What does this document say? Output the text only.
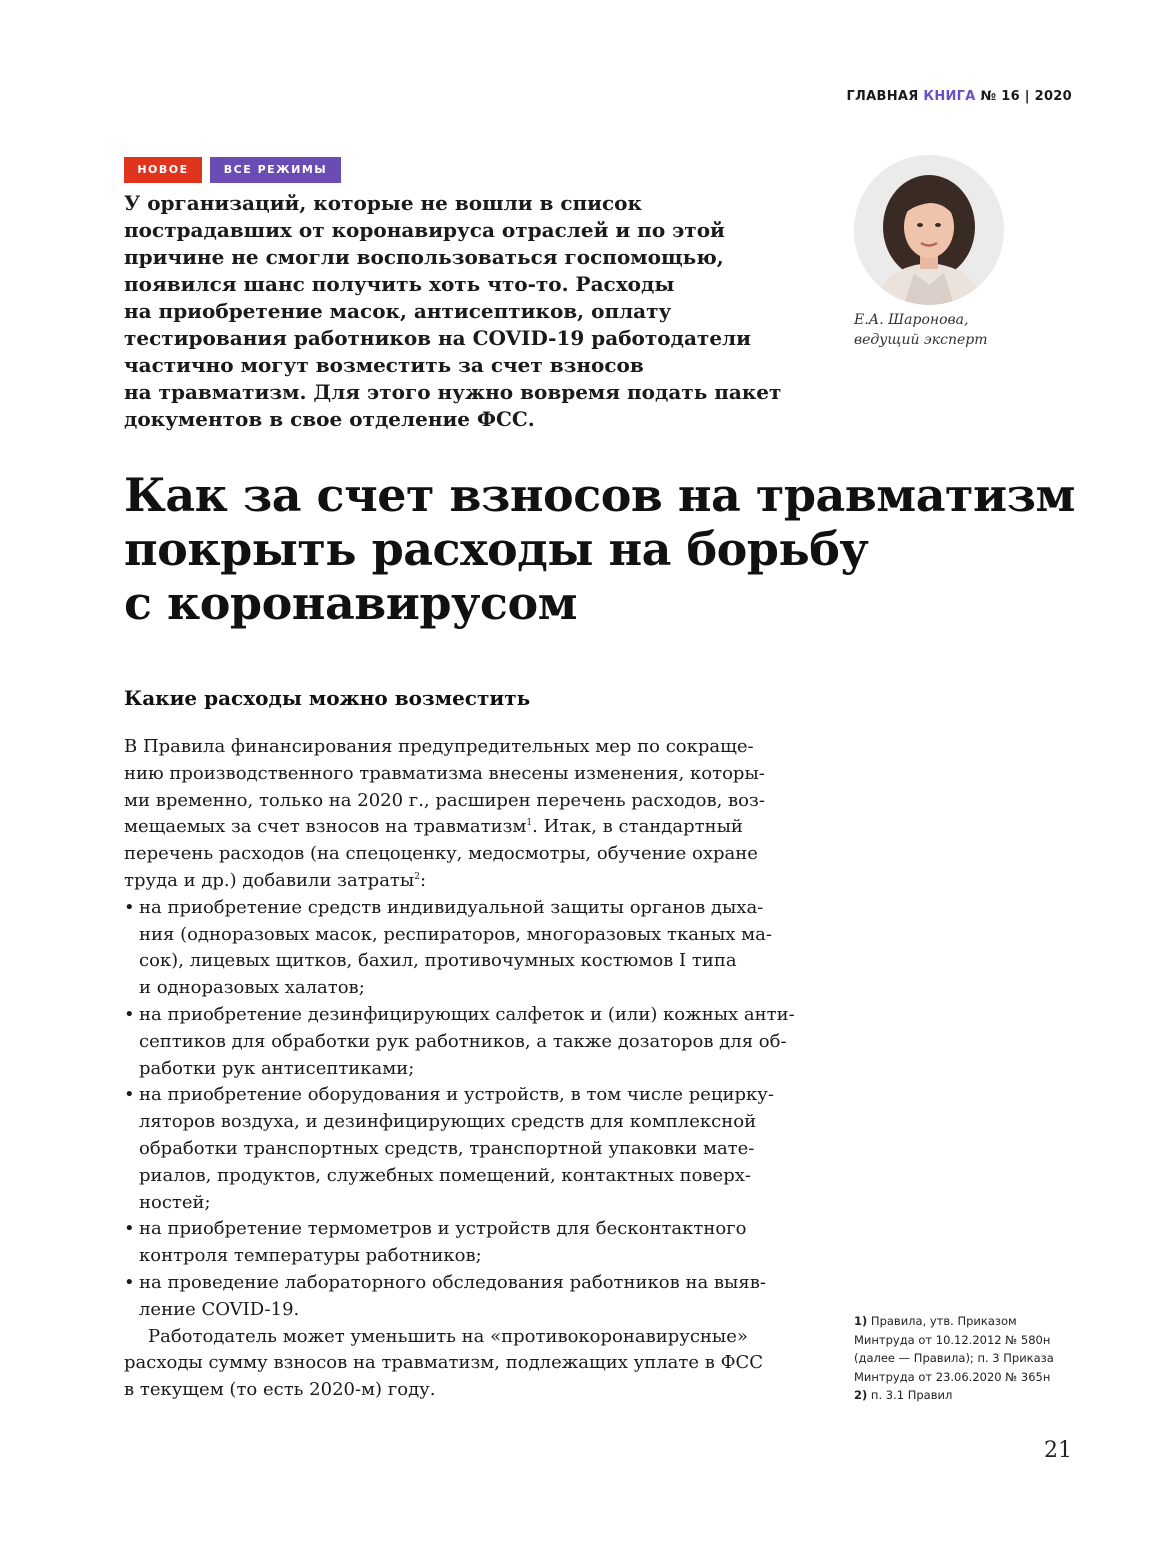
ГЛАВНАЯ КНИГА № 16 | 2020
НОВОЕ	ВСЕ РЕЖИМЫ

У организаций, которые не вошли в список
пострадавших от коронавируса отраслей и по этой
причине не смогли воспользоваться госпомощью,
появился шанс получить хоть что-то. Расходы
на приобретение масок, антисептиков, оплату
тестирования работников на COVID-19 работодатели
частично могут возместить за счет взносов
на травматизм. Для этого нужно вовремя подать пакет
документов в свое отделение ФСС.

Е.А. Шаронова,
ведущий эксперт
Как за счет взносов на травматизм
покрыть расходы на борьбу
с коронавирусом
Какие расходы можно возместить
В Правила финансирования предупредительных мер по сокраще-
нию производственного травматизма внесены изменения, которы-
ми временно, только на 2020 г., расширен перечень расходов, воз-
мещаемых за счет взносов на травматизм$^1$. Итак, в стандартный
перечень расходов (на спецоценку, медосмотры, обучение охране
труда и др.) добавили затраты$^2$:
• на приобретение средств индивидуальной защиты органов дыха-
ния (одноразовых масок, респираторов, многоразовых тканых ма-
сок), лицевых щитков, бахил, противочумных костюмов I типа
и одноразовых халатов;
• на приобретение дезинфицирующих салфеток и (или) кожных анти-
септиков для обработки рук работников, а также дозаторов для об-
работки рук антисептиками;
• на приобретение оборудования и устройств, в том числе рецирку-
ляторов воздуха, и дезинфицирующих средств для комплексной
обработки транспортных средств, транспортной упаковки мате-
риалов, продуктов, служебных помещений, контактных поверх-
ностей;
• на приобретение термометров и устройств для бесконтактного
контроля температуры работников;
• на проведение лабораторного обследования работников на выяв-
ление COVID-19.
Работодатель может уменьшить на «противокоронавирусные»
расходы сумму взносов на травматизм, подлежащих уплате в ФСС
в текущем (то есть 2020-м) году.
1) Правила, утв. Приказом
Минтруда от 10.12.2012 № 580н
(далее — Правила); п. 3 Приказа
Минтруда от 23.06.2020 № 365н
2) п. 3.1 Правил
21
